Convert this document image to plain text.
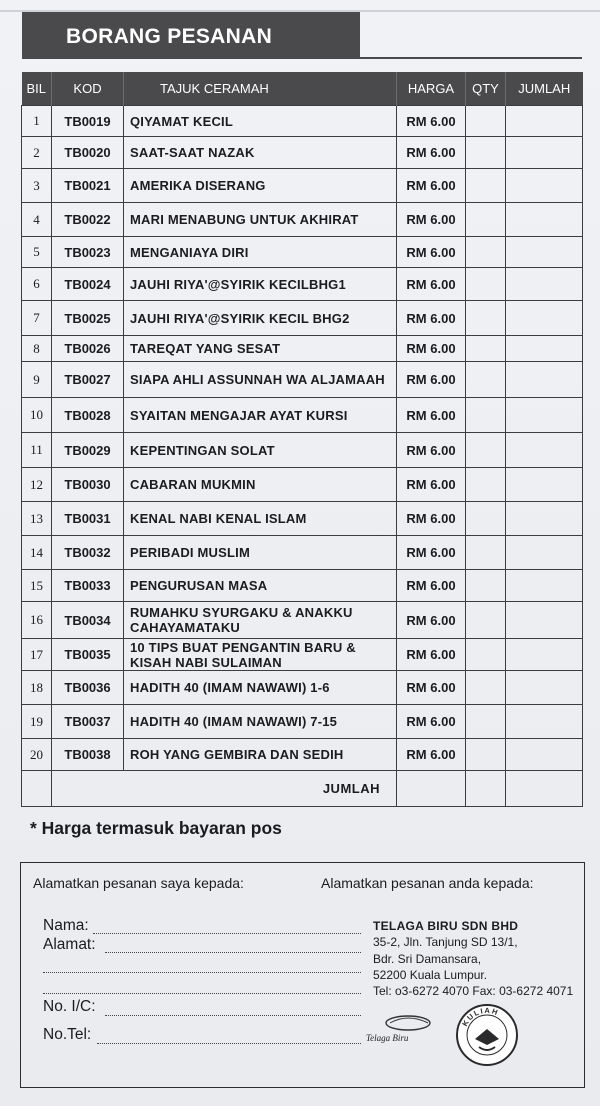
BORANG PESANAN
BIL	KOD	TAJUK CERAMAH	HARGA	QTY	JUMLAH
1	TB0019	QIYAMAT KECIL	RM 6.00		
2	TB0020	SAAT-SAAT NAZAK	RM 6.00		
3	TB0021	AMERIKA DISERANG	RM 6.00		
4	TB0022	MARI MENABUNG UNTUK AKHIRAT	RM 6.00		
5	TB0023	MENGANIAYA DIRI	RM 6.00		
6	TB0024	JAUHI RIYA'@SYIRIK KECILBHG1	RM 6.00		
7	TB0025	JAUHI RIYA'@SYIRIK KECIL BHG2	RM 6.00		
8	TB0026	TAREQAT YANG SESAT	RM 6.00		
9	TB0027	SIAPA AHLI ASSUNNAH WA ALJAMAAH	RM 6.00		
10	TB0028	SYAITAN MENGAJAR AYAT KURSI	RM 6.00		
11	TB0029	KEPENTINGAN SOLAT	RM 6.00		
12	TB0030	CABARAN MUKMIN	RM 6.00		
13	TB0031	KENAL NABI KENAL ISLAM	RM 6.00		
14	TB0032	PERIBADI MUSLIM	RM 6.00		
15	TB0033	PENGURUSAN MASA	RM 6.00		
16	TB0034	RUMAHKU SYURGAKU & ANAKKU CAHAYAMATAKU	RM 6.00		
17	TB0035	10 TIPS BUAT PENGANTIN BARU & KISAH NABI SULAIMAN	RM 6.00		
18	TB0036	HADITH 40 (IMAM NAWAWI) 1-6	RM 6.00		
19	TB0037	HADITH 40 (IMAM NAWAWI) 7-15	RM 6.00		
20	TB0038	ROH YANG GEMBIRA DAN SEDIH	RM 6.00		
	JUMLAH				
* Harga termasuk bayaran pos
Alamatkan pesanan saya kepada:	Alamatkan pesanan anda kepada:
Nama:
Alamat:
No. I/C:
No.Tel:
TELAGA BIRU SDN BHD
35-2, Jln. Tanjung SD 13/1,
Bdr. Sri Damansara,
52200 Kuala Lumpur.
Tel: o3-6272 4070 Fax: 03-6272 4071
Telaga Biru
KULIAH
